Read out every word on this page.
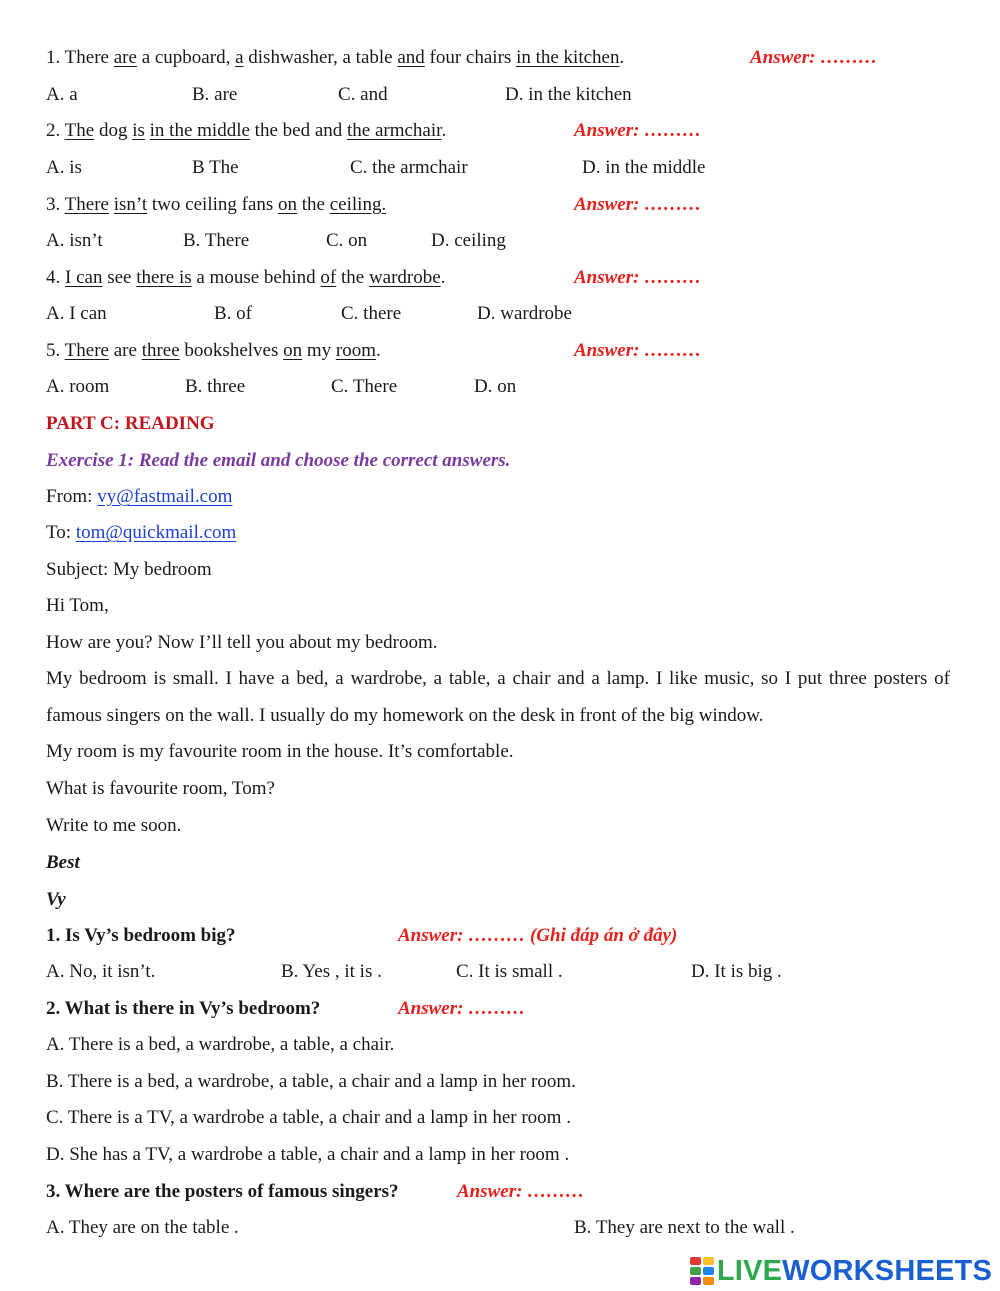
1. There are a cupboard, a dishwasher, a table and four chairs in the kitchen.	Answer: ………
A. a	B. are	C. and	D. in the kitchen
2. The dog is in the middle the bed and the armchair.	Answer: ………
A. is	B The	C. the armchair	D. in the middle
3. There isn’t two ceiling fans on the ceiling.	Answer: ………
A. isn’t	B. There	C. on	D. ceiling
4. I can see there is a mouse behind of the wardrobe.	Answer: ………
A. I can	B. of	C. there	D. wardrobe
5. There are three bookshelves on my room.	Answer: ………
A. room	B. three	C. There	D. on
PART C: READING
Exercise 1: Read the email and choose the correct answers.
From: vy@fastmail.com
To: tom@quickmail.com
Subject: My bedroom
Hi Tom,
How are you? Now I’ll tell you about my bedroom.
My bedroom is small. I have a bed, a wardrobe, a table, a chair and a lamp. I like music, so I put three posters of famous singers on the wall. I usually do my homework on the desk in front of the big window.
My room is my favourite room in the house. It’s comfortable.
What is favourite room, Tom?
Write to me soon.
Best
Vy
1. Is Vy’s bedroom big?	Answer: ……… (Ghi đáp án ở đây)
A. No, it isn’t.	B. Yes , it is .	C. It is small .	D. It is big .
2. What is there in Vy’s bedroom?	Answer: ………
A. There is a bed, a wardrobe, a table, a chair.
B. There is a bed, a wardrobe, a table, a chair and a lamp in her room.
C. There is a TV, a wardrobe a table, a chair and a lamp in her room .
D. She has a TV, a wardrobe a table, a chair and a lamp in her room .
3. Where are the posters of famous singers?	Answer: ………
A. They are on the table .	B. They are next to the wall .
LIVEWORKSHEETS
